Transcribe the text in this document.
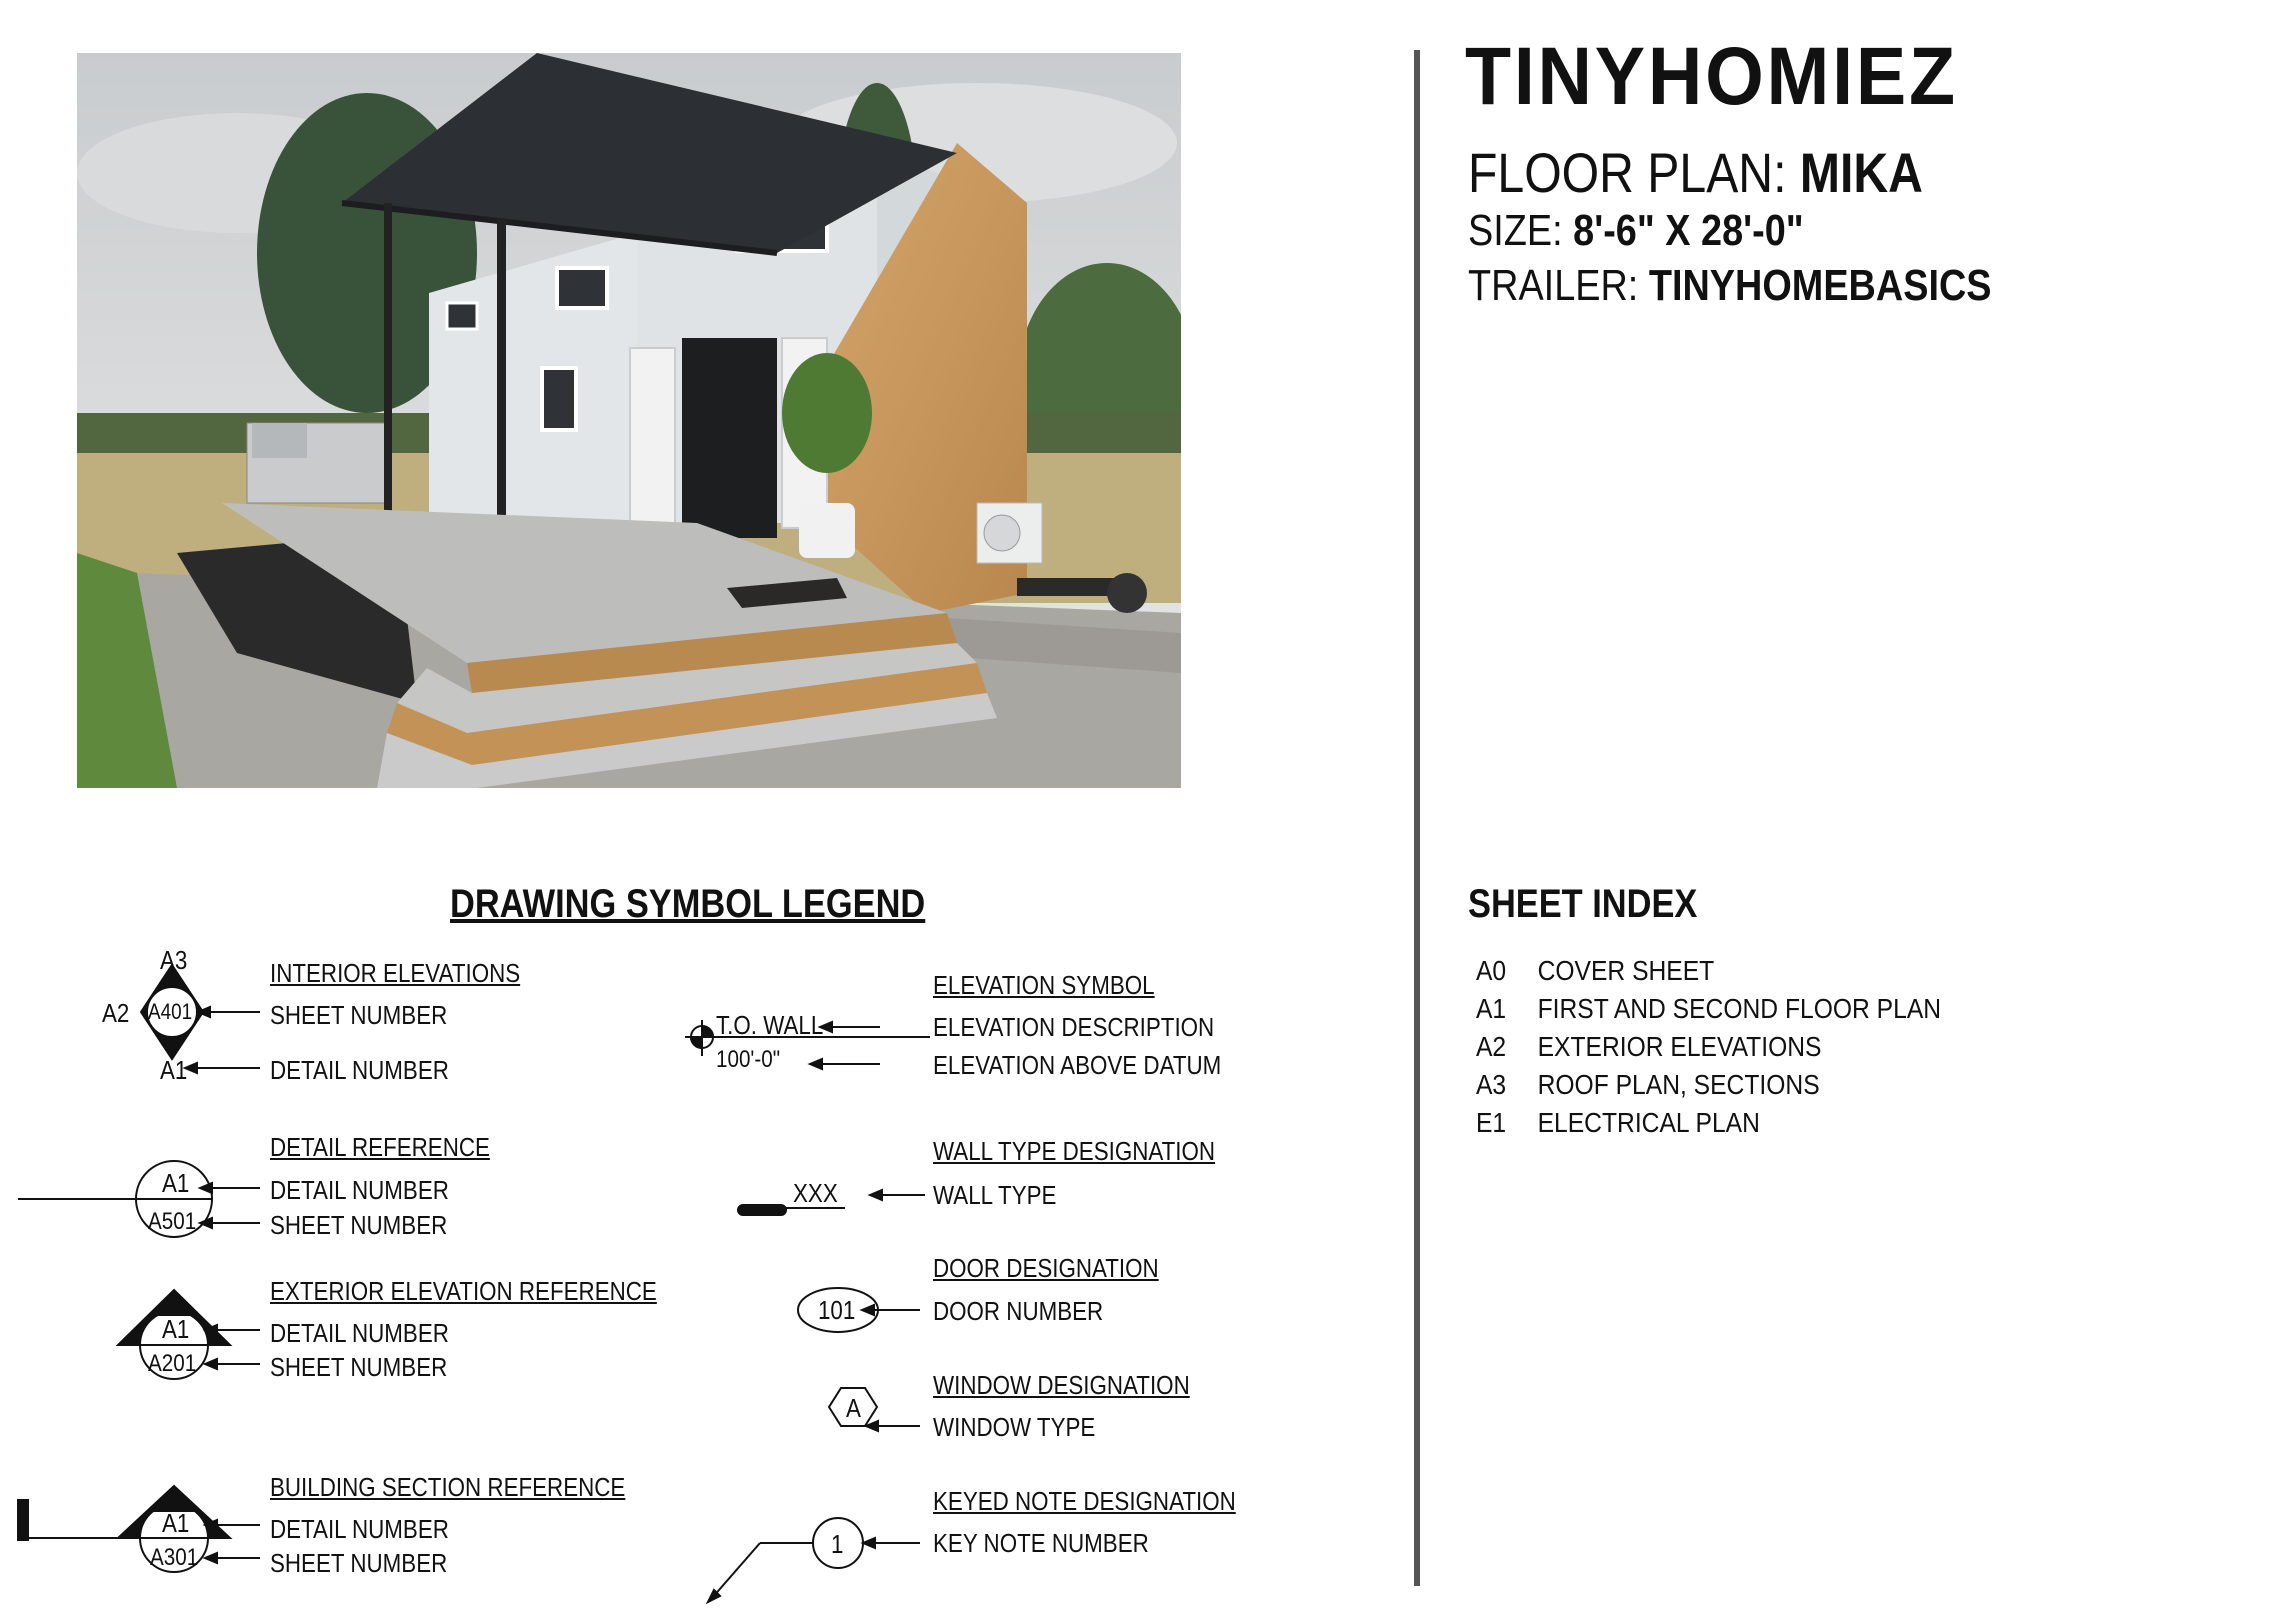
TINYHOMIEZ
FLOOR PLAN: MIKA
SIZE: 8'-6" X 28'-0"
TRAILER: TINYHOMEBASICS
SHEET INDEX
A0 COVER SHEET
A1 FIRST AND SECOND FLOOR PLAN
A2 EXTERIOR ELEVATIONS
A3 ROOF PLAN, SECTIONS
E1 ELECTRICAL PLAN
DRAWING SYMBOL LEGEND
A3
A2 A401
A1
A1
A501
A1
A201
A1
A301
INTERIOR ELEVATIONS
SHEET NUMBER
DETAIL NUMBER
DETAIL REFERENCE
DETAIL NUMBER
SHEET NUMBER
EXTERIOR ELEVATION REFERENCE
DETAIL NUMBER
SHEET NUMBER
BUILDING SECTION REFERENCE
DETAIL NUMBER
SHEET NUMBER
T.O. WALL
100'-0"
XXX
101
A
1
ELEVATION SYMBOL
ELEVATION DESCRIPTION
ELEVATION ABOVE DATUM
WALL TYPE DESIGNATION
WALL TYPE
DOOR DESIGNATION
DOOR NUMBER
WINDOW DESIGNATION
WINDOW TYPE
KEYED NOTE DESIGNATION
KEY NOTE NUMBER
